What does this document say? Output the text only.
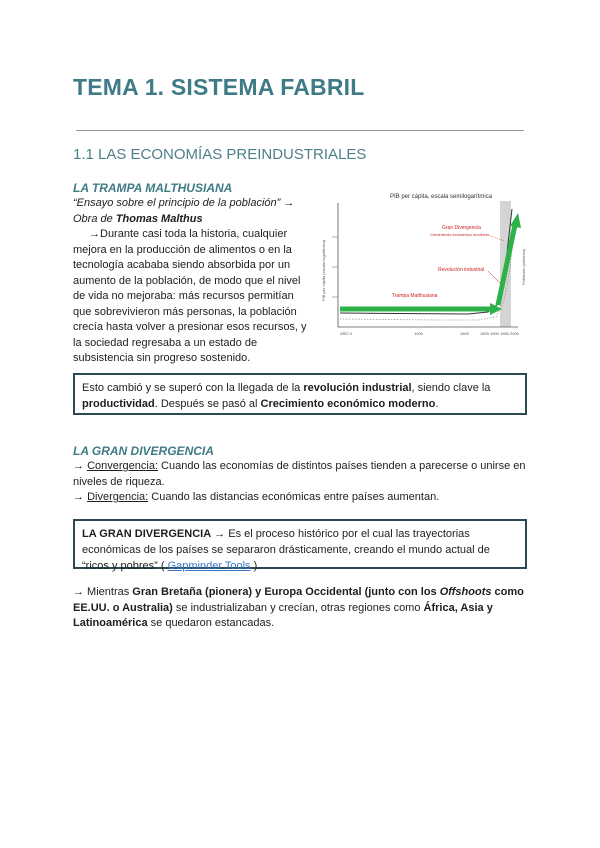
TEMA 1. SISTEMA FABRIL
1.1 LAS ECONOMÍAS PREINDUSTRIALES
LA TRAMPA MALTHUSIANA

“Ensayo sobre el principio de la población” →
Obra de Thomas Malthus

→Durante casi toda la historia, cualquier mejora en la producción de alimentos o en la tecnología acababa siendo absorbida por un aumento de la población, de modo que el nivel de vida no mejoraba: más recursos permitían que sobrevivieron más personas, la población crecía hasta volver a presionar esos recursos, y la sociedad regresaba a un estado de subsistencia sin progreso sostenido.

PIB per cápita, escala semilogarítmica
PIB per cápita (escala logarítmica)	Población (millones)
Gran Divergencia
Crecimiento económico moderno
Revolución industrial
Trampa Malthusiana
AÑO 0	1000	1500	1800 1900 1950 2000
Esto cambió y se superó con la llegada de la revolución industrial, siendo clave la productividad. Después se pasó al Crecimiento económico moderno.
LA GRAN DIVERGENCIA

→ Convergencia: Cuando las economías de distintos países tienden a parecerse o unirse en niveles de riqueza.

→ Divergencia: Cuando las distancias económicas entre países aumentan.

LA GRAN DIVERGENCIA → Es el proceso histórico por el cual las trayectorias económicas de los países se separaron drásticamente, creando el mundo actual de “ricos y pobres” ( Gapminder Tools ).

→ Mientras Gran Bretaña (pionera) y Europa Occidental (junto con los Offshoots como EE.UU. o Australia) se industrializaban y crecían, otras regiones como África, Asia y Latinoamérica se quedaron estancadas.
